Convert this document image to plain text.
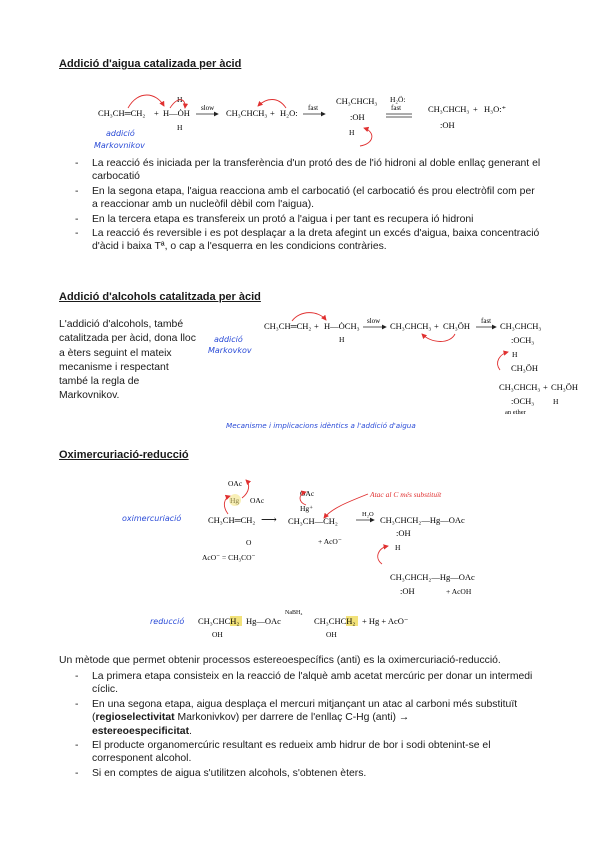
Addició d'aigua catalizada per àcid
CH₃CH═CH₂ + H—ȮH
H
H
slow CH₃CHCH₃ + H₂O: fast
CH₃CHCH₃
:OH
H
H₂Ö:
fast	CH₃CHCH₃
:OH
+ H₃O:⁺
addició
Markovnikov
- La reacció és iniciada per la transferència d'un protó des de l'ió hidroni al doble enllaç generant el carbocatió
- En la segona etapa, l'aigua reacciona amb el carbocatió (el carbocatió és prou electròfil com per a reaccionar amb un nucleòfil dèbil com l'aigua).
- En la tercera etapa es transfereix un protó a l'aigua i per tant es recupera ió hidroni
- La reacció és reversible i es pot desplaçar a la dreta afegint un excés d'aigua, baixa concentració d'àcid i baixa Tª, o cap a l'esquerra en les condicions contràries.
Addició d'alcohols catalitzada per àcid
L'addició d'alcohols, també catalitzada per àcid, dona lloc a èters seguint el mateix mecanisme i respectant també la regla de Markovnikov.
CH₃CH═CH₂ + H—ȮCH₃
H
slow CH₃CHCH₃ + CH₃ÖH fast CH₃CHCH₃
:OCH₃
H
CH₃ÖH
CH₃CHCH₃
:OCH₃
+ CH₃ÖH
H
an ether
addició
Markovkov
Mecanisme i implicacions idèntics a l'addició d'aigua
Oximercuriació-reducció
oximercuriació
OAc
OAc
CH₃CH═CH₂ ⟶
OAc
Hg⁺
CH₃CH—CH₂
+ AcO⁻
Atac al C més substituït
H₂O
CH₃CHCH₂—Hg—OAc
:OH
H
O
AcO⁻ = CH₃CO⁻
CH₃CHCH₂—Hg—OAc
:OH	+ AcOH
reducció CH₃CHCH₂ Hg—OAc
OH
NaBH₄
CH₃CHCH₂ + Hg + AcO⁻
OH
Un mètode que permet obtenir processos estereoespecífics (anti) es la oximercuriació-reducció.
- La primera etapa consisteix en la reacció de l'alquè amb acetat mercúric per donar un intermedi cíclic.
- En una segona etapa, aigua desplaça el mercuri mitjançant un atac al carboni més substituït (regioselectivitat Markonivkov) per darrere de l'enllaç C-Hg (anti) →
estereoespecificitat.
- El producte organomercúric resultant es redueix amb hidrur de bor i sodi obtenint-se el corresponent alcohol.
- Si en comptes de aigua s'utilitzen alcohols, s'obtenen èters.
